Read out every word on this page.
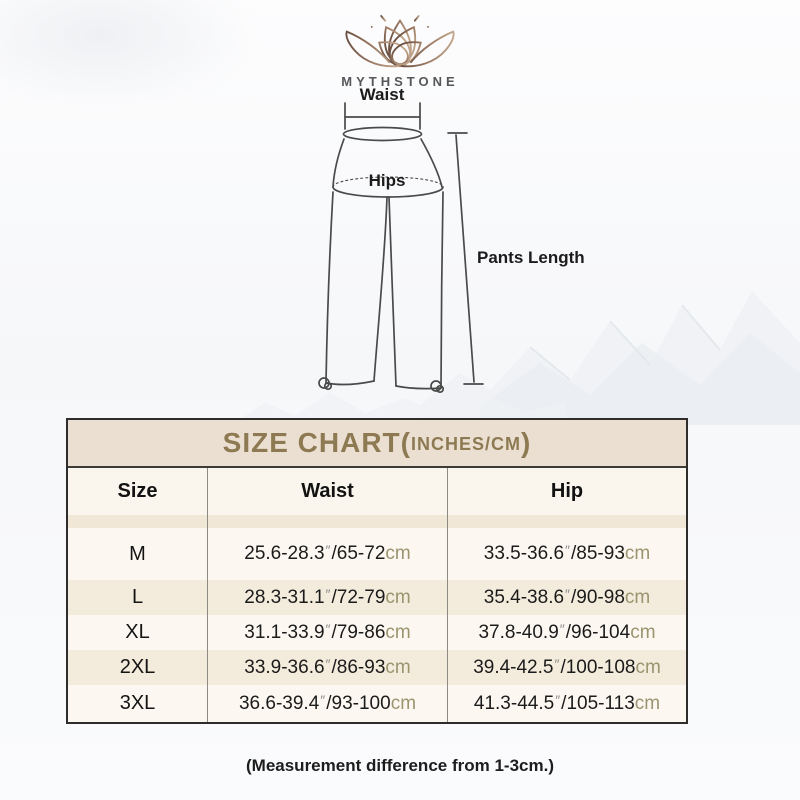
MYTHSTONE
Waist
Hips
Pants Length
SIZE CHART ( INCHES/CM )
Size	Waist	Hip
M	25.6-28.3 ″ / 65-72 cm	33.5-36.6 ″ / 85-93 cm
L	28.3-31.1 ″ / 72-79 cm	35.4-38.6 ″ / 90-98 cm
XL	31.1-33.9 ″ / 79-86 cm	37.8-40.9 ″ / 96-104 cm
2XL	33.9-36.6 ″ / 86-93 cm	39.4-42.5 ″ / 100-108 cm
3XL	36.6-39.4 ″ / 93-100 cm	41.3-44.5 ″ / 105-113 cm
(Measurement difference from 1-3cm.)
